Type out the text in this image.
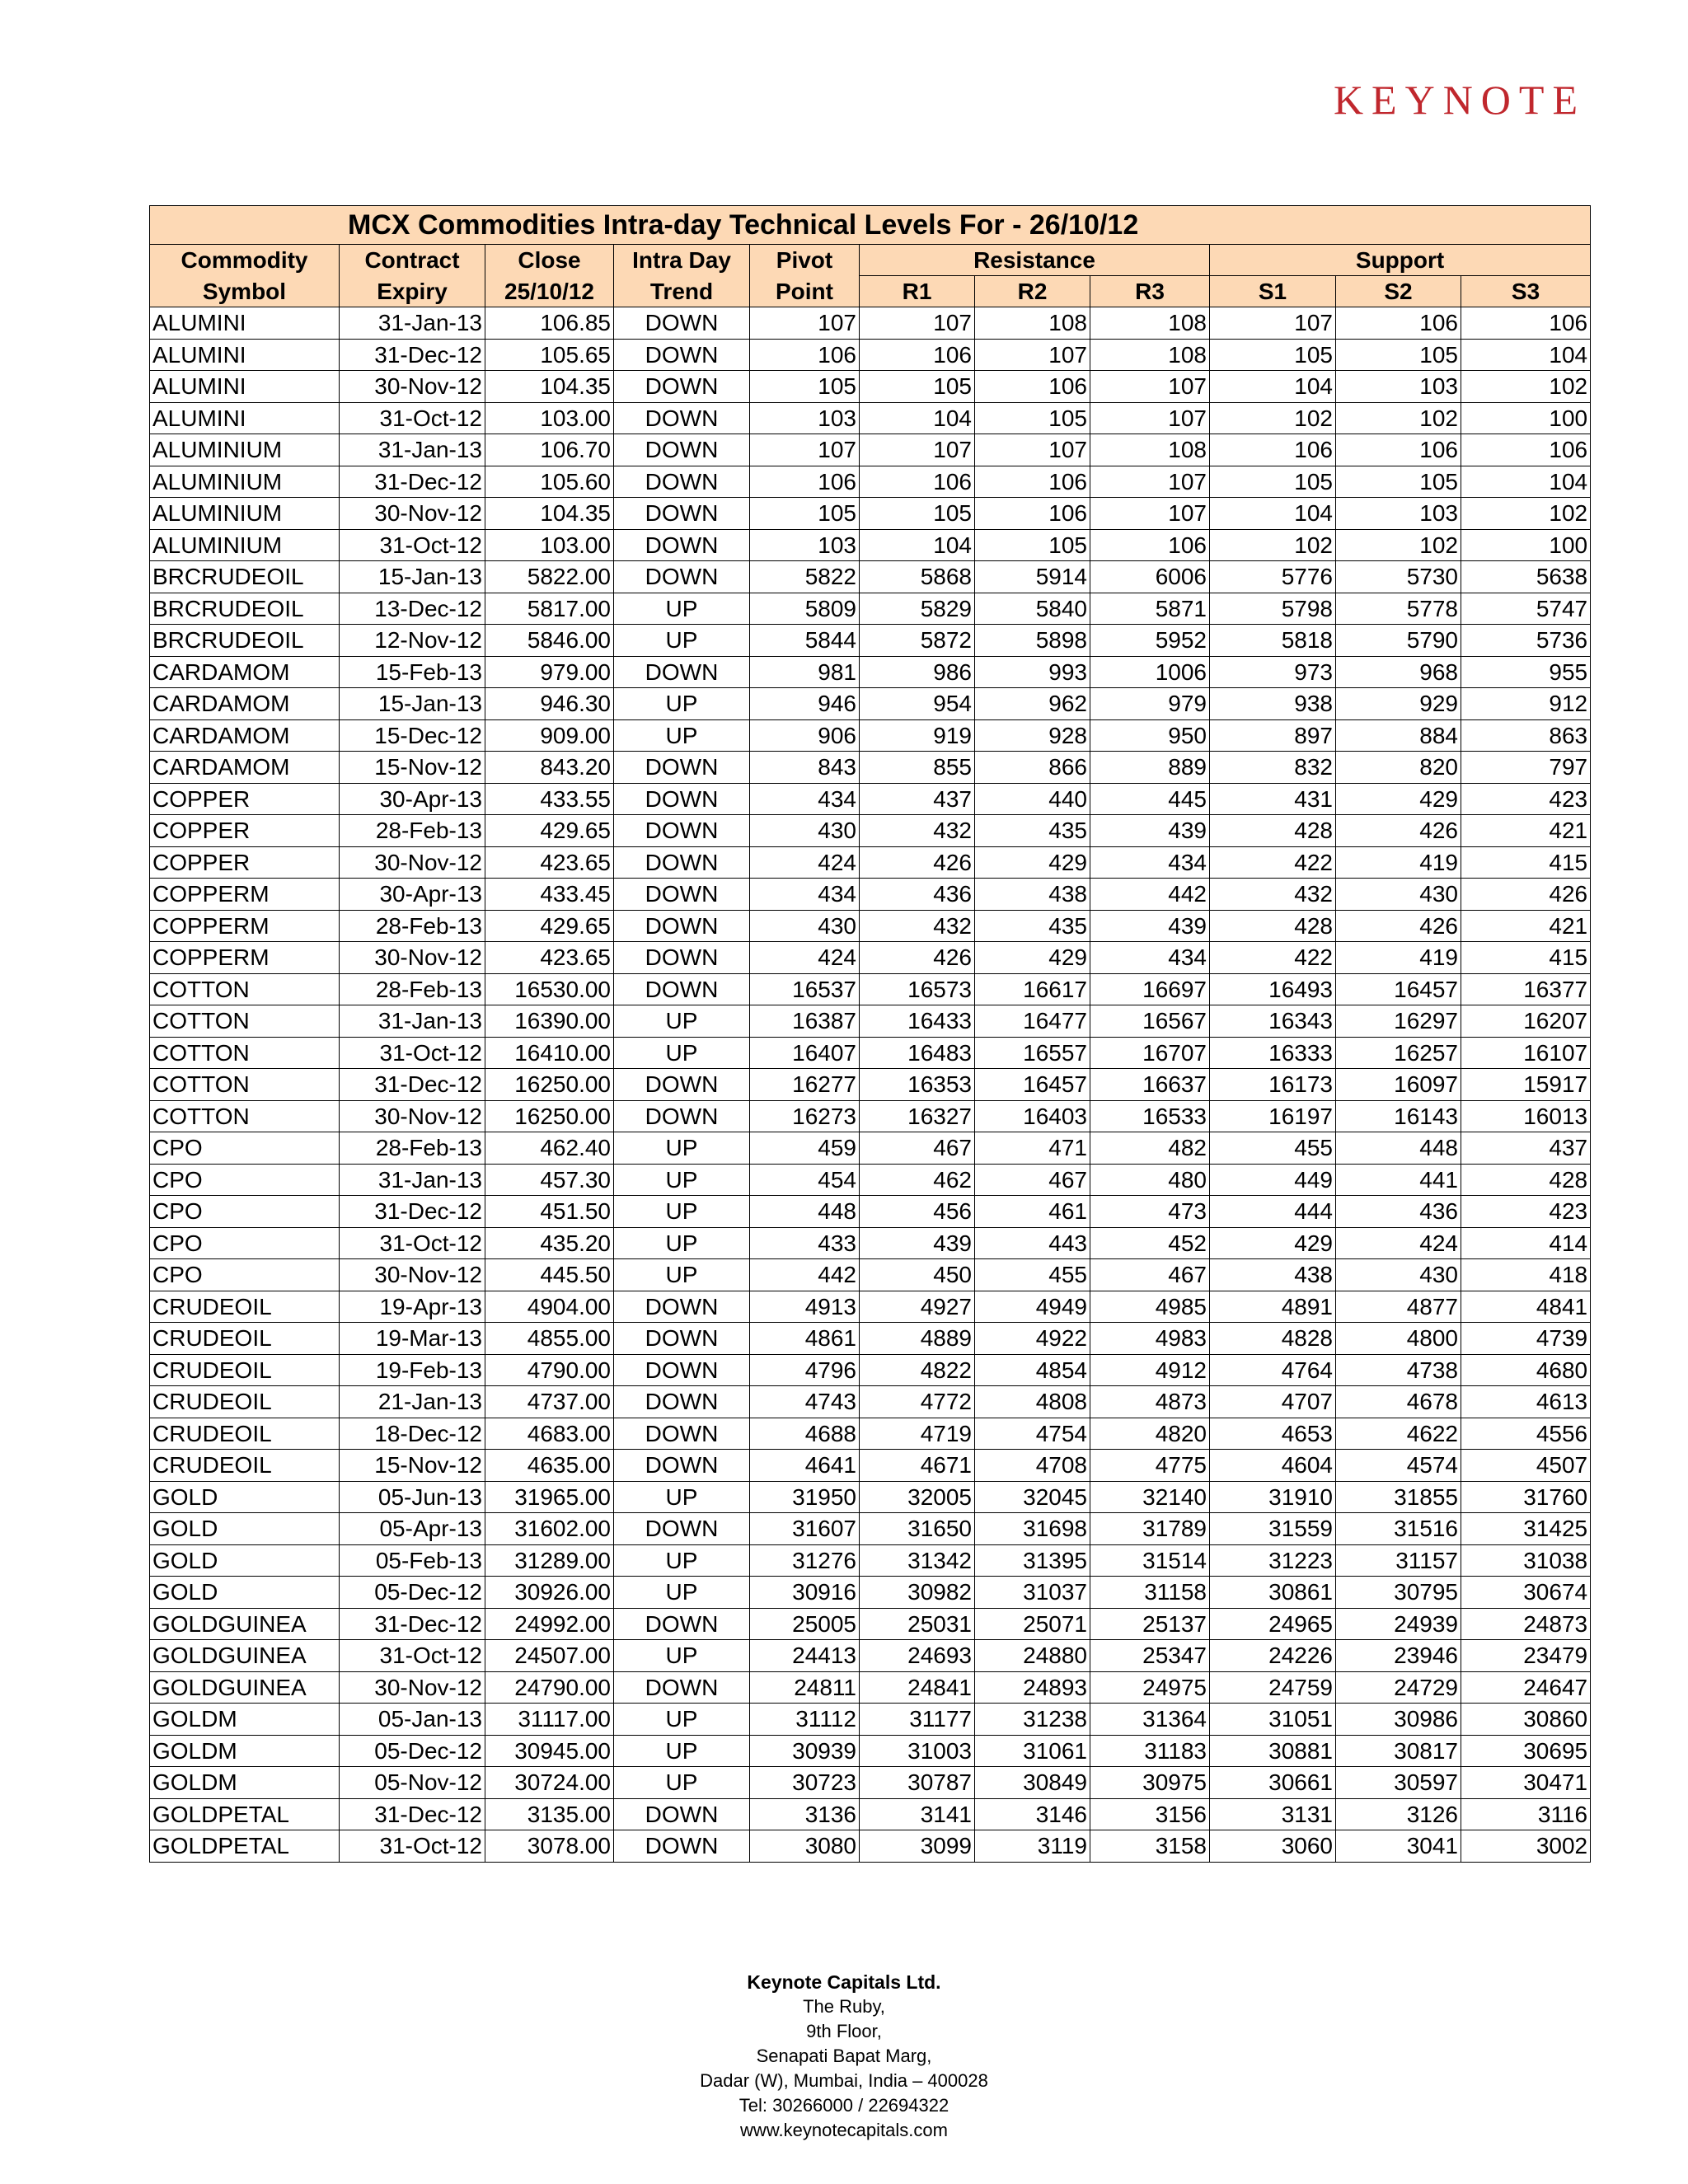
KEYNOTE
MCX Commodities Intra-day Technical Levels For - 26/10/12										
Commodity	Contract	Close	Intra Day	Pivot	Resistance			Support		
Symbol	Expiry	25/10/12	Trend	Point	R1	R2	R3	S1	S2	S3
ALUMINI	31-Jan-13	106.85	DOWN	107	107	108	108	107	106	106
ALUMINI	31-Dec-12	105.65	DOWN	106	106	107	108	105	105	104
ALUMINI	30-Nov-12	104.35	DOWN	105	105	106	107	104	103	102
ALUMINI	31-Oct-12	103.00	DOWN	103	104	105	107	102	102	100
ALUMINIUM	31-Jan-13	106.70	DOWN	107	107	107	108	106	106	106
ALUMINIUM	31-Dec-12	105.60	DOWN	106	106	106	107	105	105	104
ALUMINIUM	30-Nov-12	104.35	DOWN	105	105	106	107	104	103	102
ALUMINIUM	31-Oct-12	103.00	DOWN	103	104	105	106	102	102	100
BRCRUDEOIL	15-Jan-13	5822.00	DOWN	5822	5868	5914	6006	5776	5730	5638
BRCRUDEOIL	13-Dec-12	5817.00	UP	5809	5829	5840	5871	5798	5778	5747
BRCRUDEOIL	12-Nov-12	5846.00	UP	5844	5872	5898	5952	5818	5790	5736
CARDAMOM	15-Feb-13	979.00	DOWN	981	986	993	1006	973	968	955
CARDAMOM	15-Jan-13	946.30	UP	946	954	962	979	938	929	912
CARDAMOM	15-Dec-12	909.00	UP	906	919	928	950	897	884	863
CARDAMOM	15-Nov-12	843.20	DOWN	843	855	866	889	832	820	797
COPPER	30-Apr-13	433.55	DOWN	434	437	440	445	431	429	423
COPPER	28-Feb-13	429.65	DOWN	430	432	435	439	428	426	421
COPPER	30-Nov-12	423.65	DOWN	424	426	429	434	422	419	415
COPPERM	30-Apr-13	433.45	DOWN	434	436	438	442	432	430	426
COPPERM	28-Feb-13	429.65	DOWN	430	432	435	439	428	426	421
COPPERM	30-Nov-12	423.65	DOWN	424	426	429	434	422	419	415
COTTON	28-Feb-13	16530.00	DOWN	16537	16573	16617	16697	16493	16457	16377
COTTON	31-Jan-13	16390.00	UP	16387	16433	16477	16567	16343	16297	16207
COTTON	31-Oct-12	16410.00	UP	16407	16483	16557	16707	16333	16257	16107
COTTON	31-Dec-12	16250.00	DOWN	16277	16353	16457	16637	16173	16097	15917
COTTON	30-Nov-12	16250.00	DOWN	16273	16327	16403	16533	16197	16143	16013
CPO	28-Feb-13	462.40	UP	459	467	471	482	455	448	437
CPO	31-Jan-13	457.30	UP	454	462	467	480	449	441	428
CPO	31-Dec-12	451.50	UP	448	456	461	473	444	436	423
CPO	31-Oct-12	435.20	UP	433	439	443	452	429	424	414
CPO	30-Nov-12	445.50	UP	442	450	455	467	438	430	418
CRUDEOIL	19-Apr-13	4904.00	DOWN	4913	4927	4949	4985	4891	4877	4841
CRUDEOIL	19-Mar-13	4855.00	DOWN	4861	4889	4922	4983	4828	4800	4739
CRUDEOIL	19-Feb-13	4790.00	DOWN	4796	4822	4854	4912	4764	4738	4680
CRUDEOIL	21-Jan-13	4737.00	DOWN	4743	4772	4808	4873	4707	4678	4613
CRUDEOIL	18-Dec-12	4683.00	DOWN	4688	4719	4754	4820	4653	4622	4556
CRUDEOIL	15-Nov-12	4635.00	DOWN	4641	4671	4708	4775	4604	4574	4507
GOLD	05-Jun-13	31965.00	UP	31950	32005	32045	32140	31910	31855	31760
GOLD	05-Apr-13	31602.00	DOWN	31607	31650	31698	31789	31559	31516	31425
GOLD	05-Feb-13	31289.00	UP	31276	31342	31395	31514	31223	31157	31038
GOLD	05-Dec-12	30926.00	UP	30916	30982	31037	31158	30861	30795	30674
GOLDGUINEA	31-Dec-12	24992.00	DOWN	25005	25031	25071	25137	24965	24939	24873
GOLDGUINEA	31-Oct-12	24507.00	UP	24413	24693	24880	25347	24226	23946	23479
GOLDGUINEA	30-Nov-12	24790.00	DOWN	24811	24841	24893	24975	24759	24729	24647
GOLDM	05-Jan-13	31117.00	UP	31112	31177	31238	31364	31051	30986	30860
GOLDM	05-Dec-12	30945.00	UP	30939	31003	31061	31183	30881	30817	30695
GOLDM	05-Nov-12	30724.00	UP	30723	30787	30849	30975	30661	30597	30471
GOLDPETAL	31-Dec-12	3135.00	DOWN	3136	3141	3146	3156	3131	3126	3116
GOLDPETAL	31-Oct-12	3078.00	DOWN	3080	3099	3119	3158	3060	3041	3002
Keynote Capitals Ltd.
The Ruby,
9th Floor,
Senapati Bapat Marg,
Dadar (W), Mumbai, India – 400028
Tel: 30266000 / 22694322
www.keynotecapitals.com
